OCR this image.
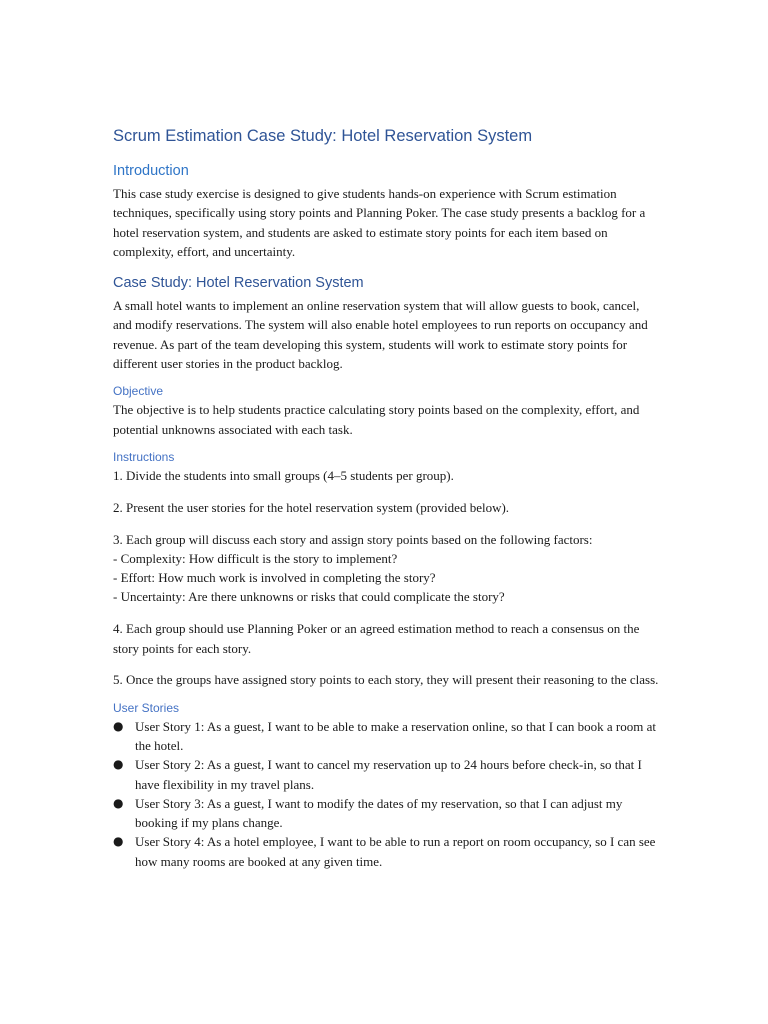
Scrum Estimation Case Study: Hotel Reservation System
Introduction

This case study exercise is designed to give students hands-on experience with Scrum estimation techniques, specifically using story points and Planning Poker. The case study presents a backlog for a hotel reservation system, and students are asked to estimate story points for each item based on complexity, effort, and uncertainty.

Case Study: Hotel Reservation System

A small hotel wants to implement an online reservation system that will allow guests to book, cancel, and modify reservations. The system will also enable hotel employees to run reports on occupancy and revenue. As part of the team developing this system, students will work to estimate story points for different user stories in the product backlog.

Objective

The objective is to help students practice calculating story points based on the complexity, effort, and potential unknowns associated with each task.

Instructions
1. Divide the students into small groups (4–5 students per group).
2. Present the user stories for the hotel reservation system (provided below).
3. Each group will discuss each story and assign story points based on the following factors:
- Complexity: How difficult is the story to implement?
- Effort: How much work is involved in completing the story?
- Uncertainty: Are there unknowns or risks that could complicate the story?
4. Each group should use Planning Poker or an agreed estimation method to reach a consensus on the story points for each story.
5. Once the groups have assigned story points to each story, they will present their reasoning to the class.
User Stories
● User Story 1: As a guest, I want to be able to make a reservation online, so that I can book a room at the hotel.
● User Story 2: As a guest, I want to cancel my reservation up to 24 hours before check-in, so that I have flexibility in my travel plans.
● User Story 3: As a guest, I want to modify the dates of my reservation, so that I can adjust my booking if my plans change.
● User Story 4: As a hotel employee, I want to be able to run a report on room occupancy, so I can see how many rooms are booked at any given time.
